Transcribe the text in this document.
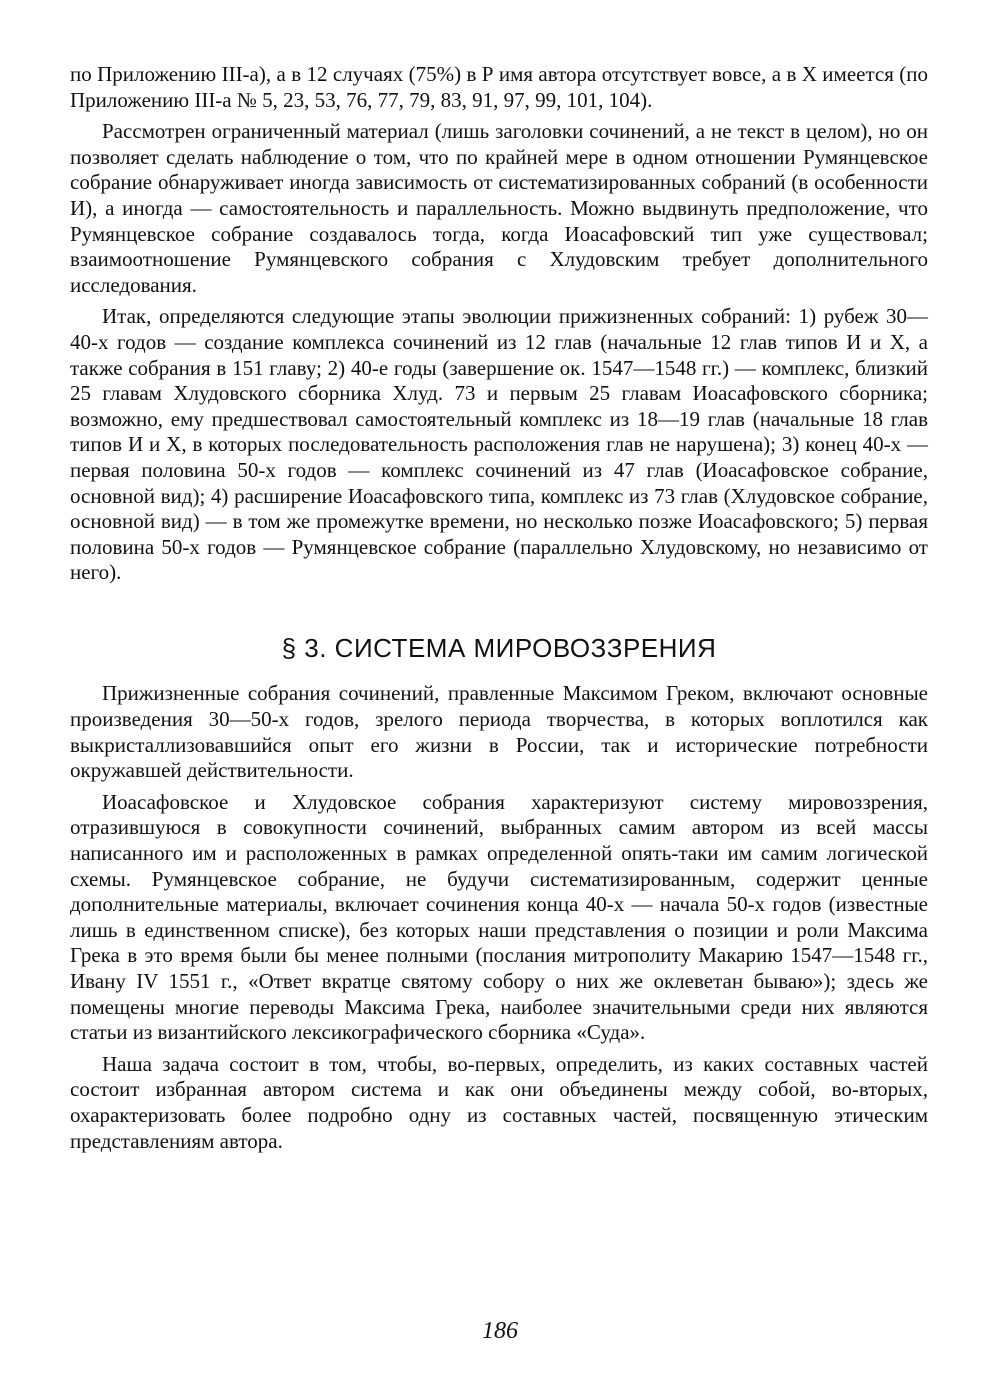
по Приложению III-а), а в 12 случаях (75%) в Р имя автора отсутствует вовсе, а в Х имеется (по Приложению III-а № 5, 23, 53, 76, 77, 79, 83, 91, 97, 99, 101, 104).

Рассмотрен ограниченный материал (лишь заголовки сочинений, а не текст в целом), но он позволяет сделать наблюдение о том, что по крайней мере в одном отношении Румянцевское собрание обнаруживает иногда зависимость от систематизированных собраний (в особенности И), а иногда — самостоятельность и параллельность. Можно выдвинуть предположение, что Румянцевское собрание создавалось тогда, когда Иоасафовский тип уже существовал; взаимоотношение Румянцевского собрания с Хлудовским требует дополнительного исследования.

Итак, определяются следующие этапы эволюции прижизненных собраний: 1) рубеж 30—40-х годов — создание комплекса сочинений из 12 глав (начальные 12 глав типов И и Х, а также собрания в 151 главу; 2) 40-е годы (завершение ок. 1547—1548 гг.) — комплекс, близкий 25 главам Хлудовского сборника Хлуд. 73 и первым 25 главам Иоасафовского сборника; возможно, ему предшествовал самостоятельный комплекс из 18—19 глав (начальные 18 глав типов И и Х, в которых последовательность расположения глав не нарушена); 3) конец 40-х — первая половина 50-х годов — комплекс сочинений из 47 глав (Иоасафовское собрание, основной вид); 4) расширение Иоасафовского типа, комплекс из 73 глав (Хлудовское собрание, основной вид) — в том же промежутке времени, но несколько позже Иоасафовского; 5) первая половина 50-х годов — Румянцевское собрание (параллельно Хлудовскому, но независимо от него).

§ 3. СИСТЕМА МИРОВОЗЗРЕНИЯ

Прижизненные собрания сочинений, правленные Максимом Греком, включают основные произведения 30—50-х годов, зрелого периода творчества, в которых воплотился как выкристаллизовавшийся опыт его жизни в России, так и исторические потребности окружавшей действительности.

Иоасафовское и Хлудовское собрания характеризуют систему мировоззрения, отразившуюся в совокупности сочинений, выбранных самим автором из всей массы написанного им и расположенных в рамках определенной опять-таки им самим логической схемы. Румянцевское собрание, не будучи систематизированным, содержит ценные дополнительные материалы, включает сочинения конца 40-х — начала 50-х годов (известные лишь в единственном списке), без которых наши представления о позиции и роли Максима Грека в это время были бы менее полными (послания митрополиту Макарию 1547—1548 гг., Ивану IV 1551 г., «Ответ вкратце святому собору о них же оклеветан бываю»); здесь же помещены многие переводы Максима Грека, наиболее значительными среди них являются статьи из византийского лексикографического сборника «Суда».

Наша задача состоит в том, чтобы, во-первых, определить, из каких составных частей состоит избранная автором система и как они объединены между собой, во-вторых, охарактеризовать более подробно одну из составных частей, посвященную этическим представлениям автора.

186
